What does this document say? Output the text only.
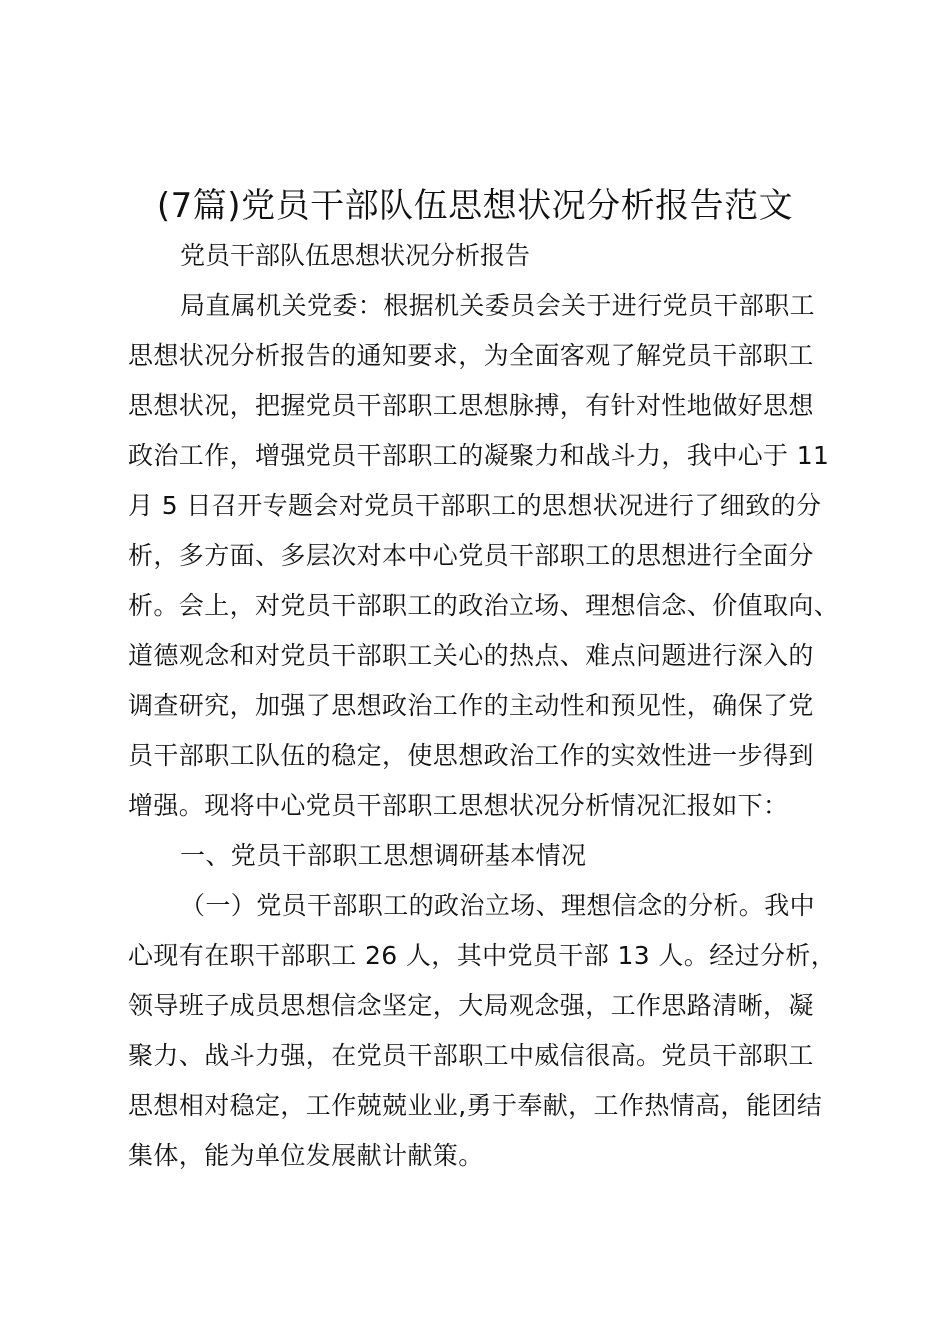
(7篇)党员干部队伍思想状况分析报告范文
党员干部队伍思想状况分析报告
局直属机关党委：根据机关委员会关于进行党员干部职工
思想状况分析报告的通知要求，为全面客观了解党员干部职工
思想状况，把握党员干部职工思想脉搏，有针对性地做好思想
政治工作，增强党员干部职工的凝聚力和战斗力，我中心于 11
月 5 日召开专题会对党员干部职工的思想状况进行了细致的分
析，多方面、多层次对本中心党员干部职工的思想进行全面分
析。会上，对党员干部职工的政治立场、理想信念、价值取向、
道德观念和对党员干部职工关心的热点、难点问题进行深入的
调查研究，加强了思想政治工作的主动性和预见性，确保了党
员干部职工队伍的稳定，使思想政治工作的实效性进一步得到
增强。现将中心党员干部职工思想状况分析情况汇报如下：
一、党员干部职工思想调研基本情况
（一）党员干部职工的政治立场、理想信念的分析。我中
心现有在职干部职工 26 人，其中党员干部 13 人。经过分析，
领导班子成员思想信念坚定，大局观念强，工作思路清晰，凝
聚力、战斗力强，在党员干部职工中威信很高。党员干部职工
思想相对稳定，工作兢兢业业,勇于奉献，工作热情高，能团结
集体，能为单位发展献计献策。
